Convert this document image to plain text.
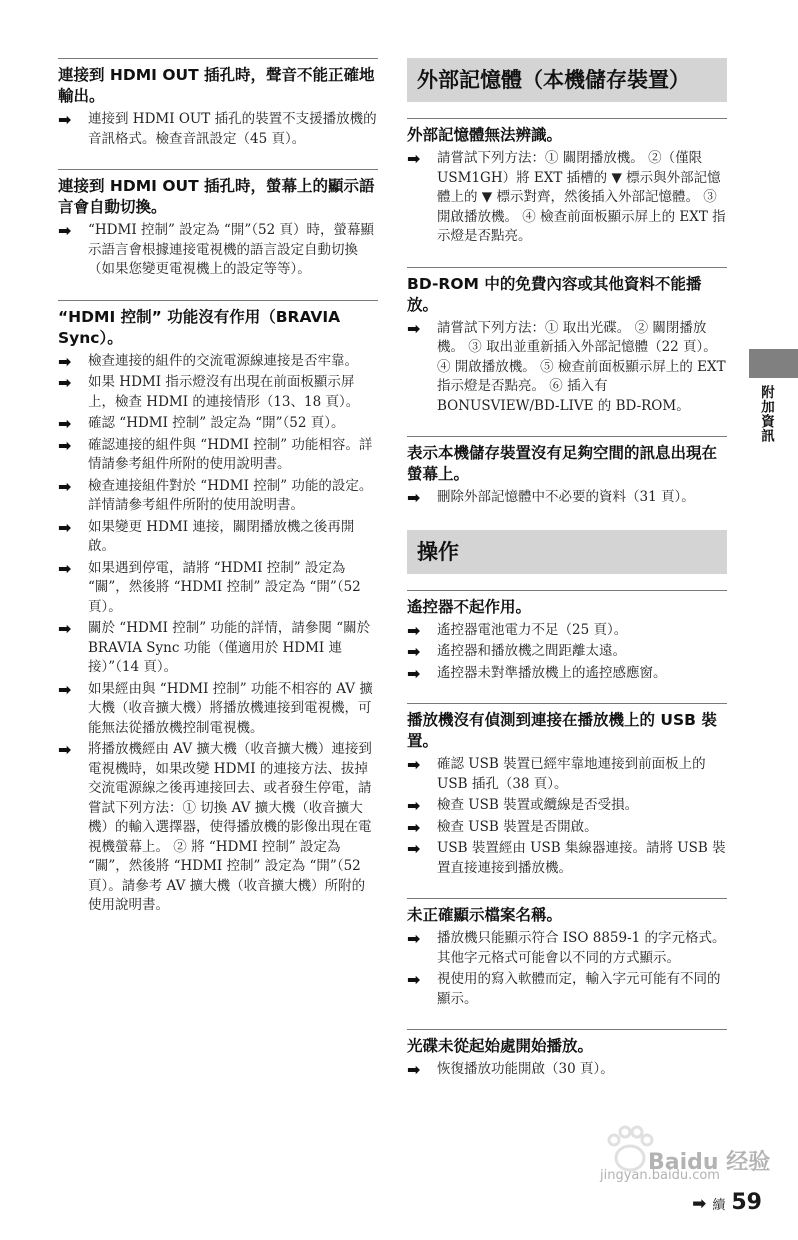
連接到 HDMI OUT 插孔時，聲音不能正確地輸出。
➡ 連接到 HDMI OUT 插孔的裝置不支援播放機的音訊格式。檢查音訊設定（45 頁）。
連接到 HDMI OUT 插孔時，螢幕上的顯示語言會自動切換。
➡ “HDMI 控制” 設定為 “開”（52 頁）時，螢幕顯示語言會根據連接電視機的語言設定自動切換（如果您變更電視機上的設定等等）。
“HDMI 控制” 功能沒有作用（BRAVIA Sync）。
➡ 檢查連接的組件的交流電源線連接是否牢靠。
➡ 如果 HDMI 指示燈沒有出現在前面板顯示屏上，檢查 HDMI 的連接情形（13、18 頁）。
➡ 確認 “HDMI 控制” 設定為 “開”（52 頁）。
➡ 確認連接的組件與 “HDMI 控制” 功能相容。詳情請參考組件所附的使用說明書。
➡ 檢查連接組件對於 “HDMI 控制” 功能的設定。詳情請參考組件所附的使用說明書。
➡ 如果變更 HDMI 連接，關閉播放機之後再開啟。
➡ 如果遇到停電，請將 “HDMI 控制” 設定為 “關”，然後將 “HDMI 控制” 設定為 “開”（52 頁）。
➡ 關於 “HDMI 控制” 功能的詳情，請參閱 “關於 BRAVIA Sync 功能（僅適用於 HDMI 連接）”（14 頁）。
➡ 如果經由與 “HDMI 控制” 功能不相容的 AV 擴大機（收音擴大機）將播放機連接到電視機，可能無法從播放機控制電視機。
➡ 將播放機經由 AV 擴大機（收音擴大機）連接到電視機時，如果改變 HDMI 的連接方法、拔掉交流電源線之後再連接回去、或者發生停電，請嘗試下列方法：① 切換 AV 擴大機（收音擴大機）的輸入選擇器，使得播放機的影像出現在電視機螢幕上。 ② 將 “HDMI 控制” 設定為 “關”，然後將 “HDMI 控制” 設定為 “開”（52 頁）。請參考 AV 擴大機（收音擴大機）所附的使用說明書。
外部記憶體（本機儲存裝置）
外部記憶體無法辨識。
➡ 請嘗試下列方法：① 關閉播放機。 ②（僅限 USM1GH）將 EXT 插槽的 ▼ 標示與外部記憶體上的 ▼ 標示對齊，然後插入外部記憶體。 ③ 開啟播放機。 ④ 檢查前面板顯示屏上的 EXT 指示燈是否點亮。
BD-ROM 中的免費內容或其他資料不能播放。
➡ 請嘗試下列方法：① 取出光碟。 ② 關閉播放機。 ③ 取出並重新插入外部記憶體（22 頁）。 ④ 開啟播放機。 ⑤ 檢查前面板顯示屏上的 EXT 指示燈是否點亮。 ⑥ 插入有 BONUSVIEW/BD-LIVE 的 BD-ROM。
表示本機儲存裝置沒有足夠空間的訊息出現在螢幕上。
➡ 刪除外部記憶體中不必要的資料（31 頁）。
操作
遙控器不起作用。
➡ 遙控器電池電力不足（25 頁）。
➡ 遙控器和播放機之間距離太遠。
➡ 遙控器未對準播放機上的遙控感應窗。
播放機沒有偵測到連接在播放機上的 USB 裝置。
➡ 確認 USB 裝置已經牢靠地連接到前面板上的 USB 插孔（38 頁）。
➡ 檢查 USB 裝置或纜線是否受損。
➡ 檢查 USB 裝置是否開啟。
➡ USB 裝置經由 USB 集線器連接。請將 USB 裝置直接連接到播放機。
未正確顯示檔案名稱。
➡ 播放機只能顯示符合 ISO 8859-1 的字元格式。其他字元格式可能會以不同的方式顯示。
➡ 視使用的寫入軟體而定，輸入字元可能有不同的顯示。
光碟未從起始處開始播放。
➡ 恢復播放功能開啟（30 頁）。
附加資訊
Baidu 经验
jingyan.baidu.com
➡ 續 59
